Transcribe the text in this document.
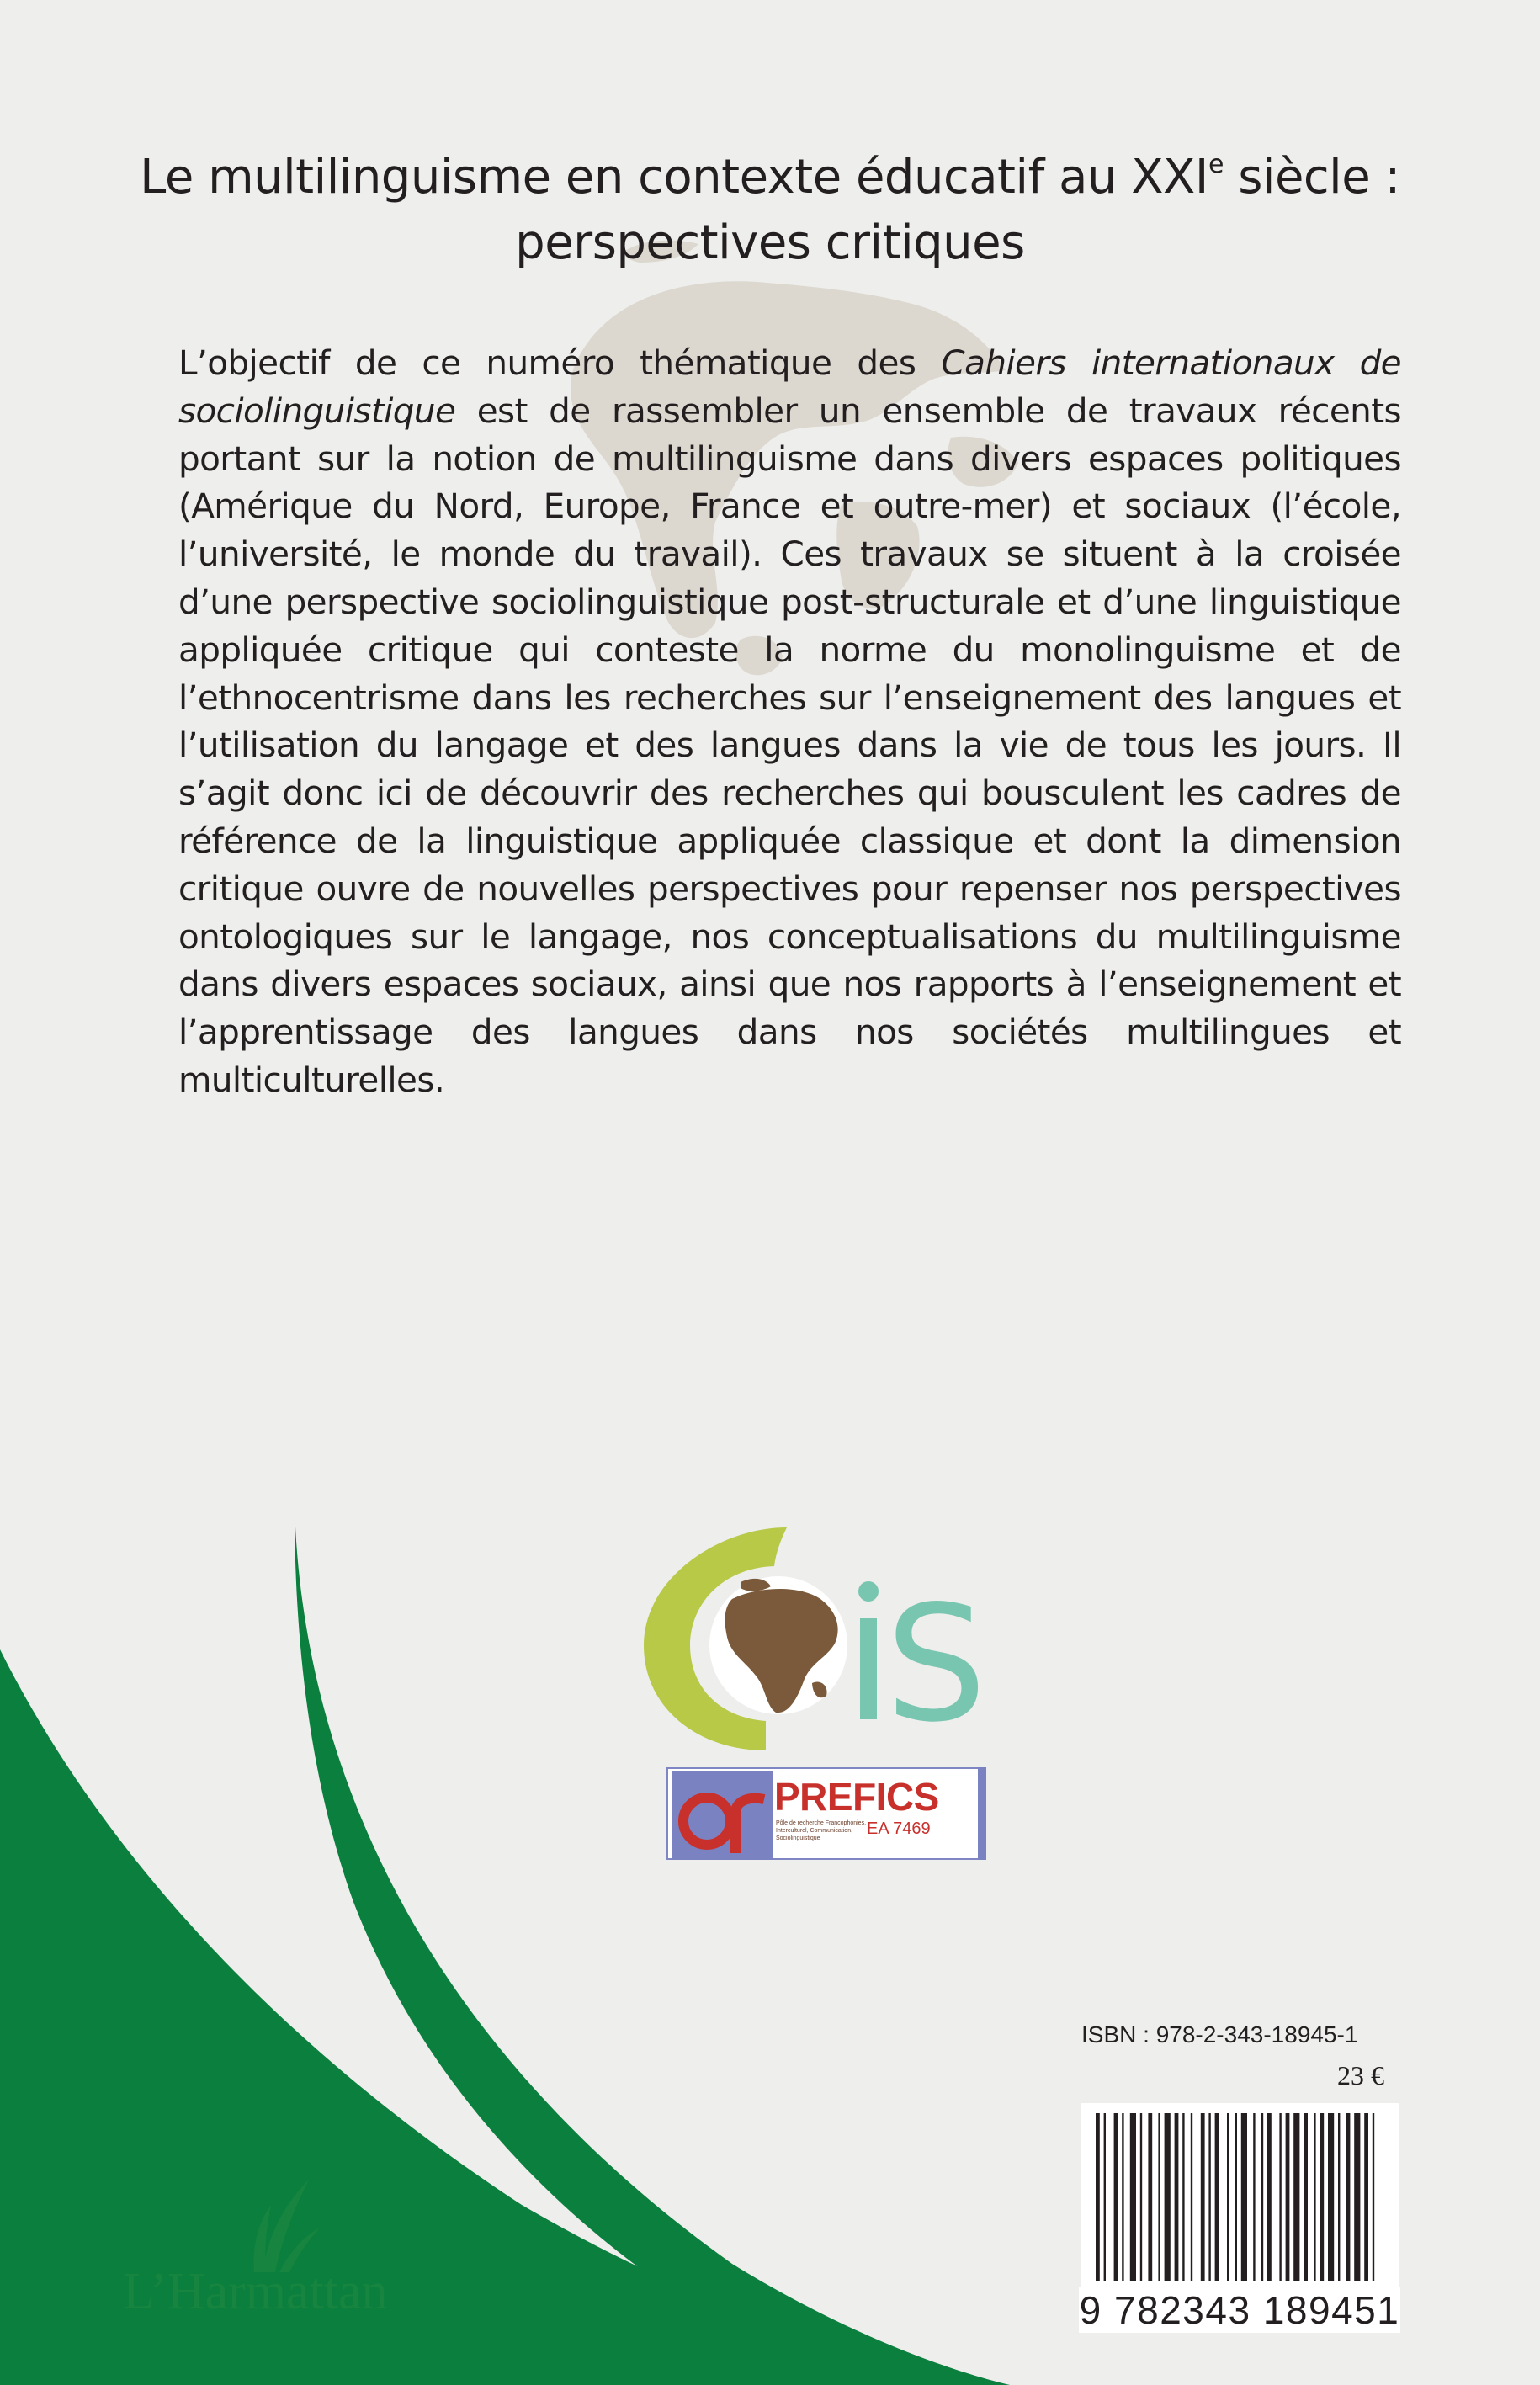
Le multilinguisme en contexte éducatif au XXIe siècle :
perspectives critiques

L’objectif de ce numéro thématique des Cahiers internationaux de sociolinguistique est de rassembler un ensemble de travaux récents portant sur la notion de multilinguisme dans divers espaces politiques (Amérique du Nord, Europe, France et outre-mer) et sociaux (l’école, l’université, le monde du travail). Ces travaux se situent à la croisée d’une perspective sociolinguistique post-structurale et d’une linguistique appliquée critique qui conteste la norme du monolinguisme et de l’ethnocentrisme dans les recherches sur l’enseignement des langues et l’utilisation du langage et des langues dans la vie de tous les jours. Il s’agit donc ici de découvrir des recherches qui bousculent les cadres de référence de la linguistique appliquée classique et dont la dimension critique ouvre de nouvelles perspectives pour repenser nos perspectives ontologiques sur le langage, nos conceptualisations du multilinguisme dans divers espaces sociaux, ainsi que nos rapports à l’enseignement et l’apprentissage des langues dans nos sociétés multilingues et multiculturelles.

S
PREFICS
Pôle de recherche Francophonies, Interculturel, Communication, Sociolinguistique
EA 7469
ISBN : 978-2-343-18945-1
23 €
9 782343 189451
L’Harmattan
